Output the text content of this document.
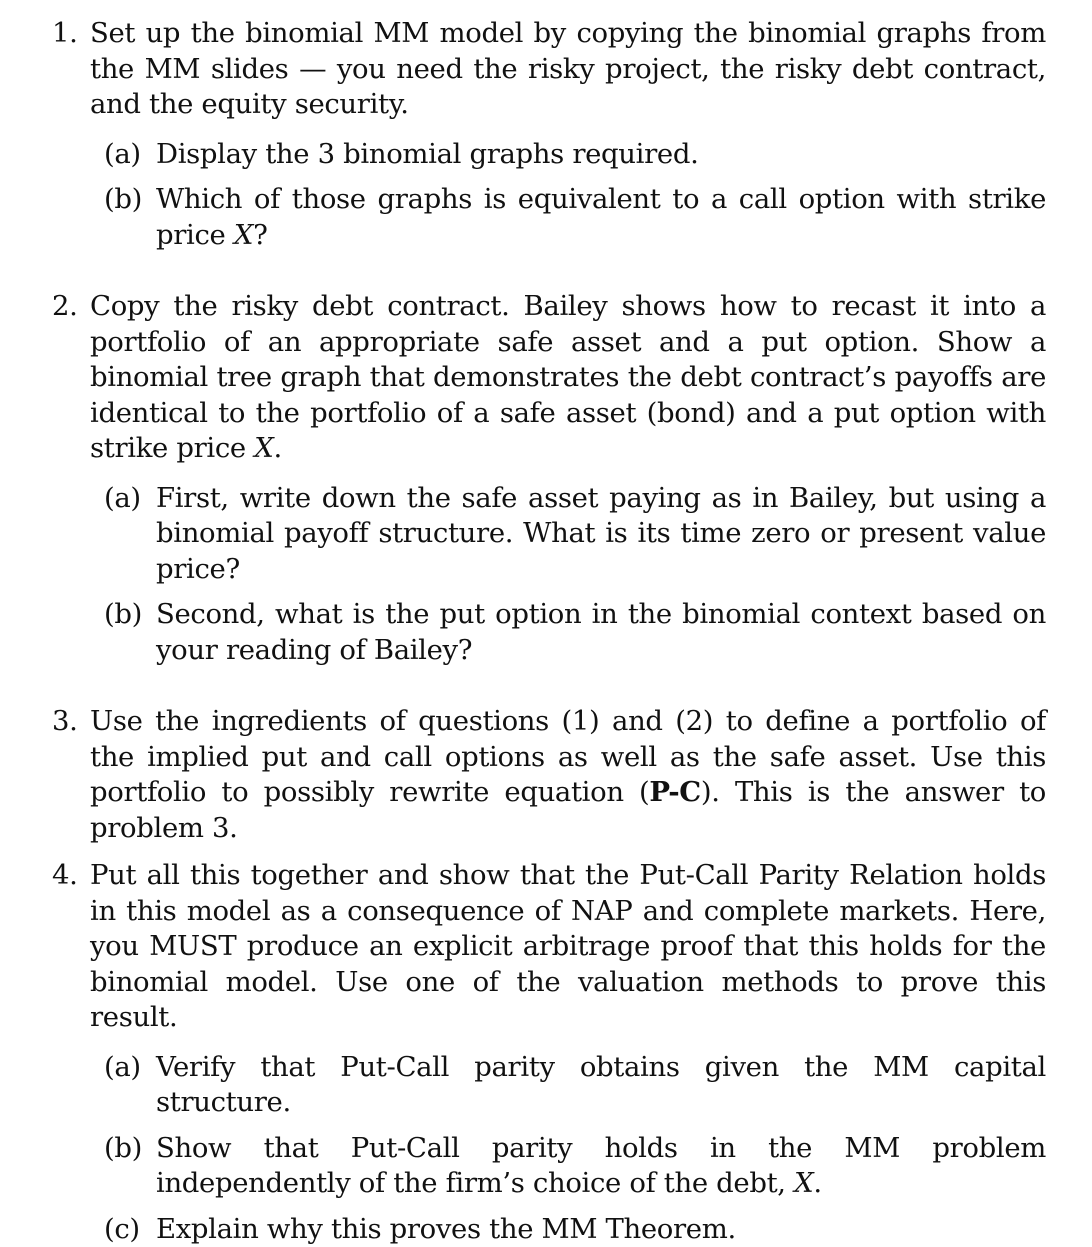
1. Set up the binomial MM model by copying the binomial graphs from the MM slides — you need the risky project, the risky debt contract, and the equity security.

(a) Display the 3 binomial graphs required.

(b) Which of those graphs is equivalent to a call option with strike price X?

2. Copy the risky debt contract. Bailey shows how to recast it into a portfolio of an appropriate safe asset and a put option. Show a binomial tree graph that demonstrates the debt contract’s payoffs are identical to the portfolio of a safe asset (bond) and a put option with strike price X.

(a) First, write down the safe asset paying as in Bailey, but using a binomial payoff structure. What is its time zero or present value price?

(b) Second, what is the put option in the binomial context based on your reading of Bailey?

3. Use the ingredients of questions (1) and (2) to define a portfolio of the implied put and call options as well as the safe asset. Use this portfolio to possibly rewrite equation (P-C). This is the answer to problem 3.

4. Put all this together and show that the Put-Call Parity Relation holds in this model as a consequence of NAP and complete markets. Here, you MUST produce an explicit arbitrage proof that this holds for the binomial model. Use one of the valuation methods to prove this result.

(a) Verify that Put-Call parity obtains given the MM capital structure.

(b) Show that Put-Call parity holds in the MM problem independently of the firm’s choice of the debt, X.

(c) Explain why this proves the MM Theorem.
